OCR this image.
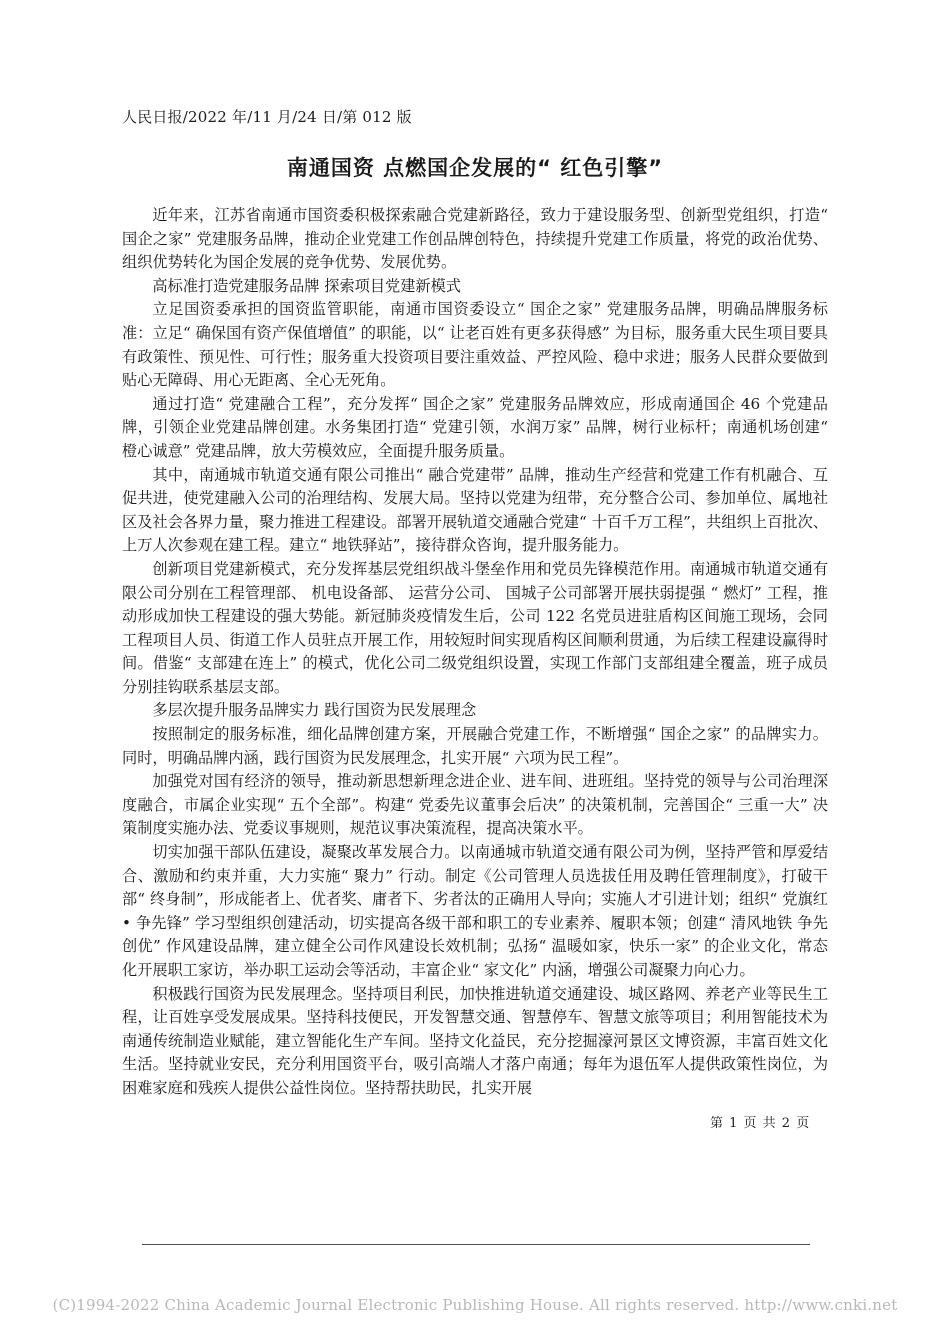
人民日报/2022 年/11 月/24 日/第 012 版
南通国资 点燃国企发展的“ 红色引擎”

近年来，江苏省南通市国资委积极探索融合党建新路径，致力于建设服务型、创新型党组织，打造“ 国企之家” 党建服务品牌，推动企业党建工作创品牌创特色，持续提升党建工作质量，将党的政治优势、组织优势转化为国企发展的竞争优势、发展优势。

高标准打造党建服务品牌 探索项目党建新模式

立足国资委承担的国资监管职能，南通市国资委设立“ 国企之家” 党建服务品牌，明确品牌服务标准：立足“ 确保国有资产保值增值” 的职能，以“ 让老百姓有更多获得感” 为目标，服务重大民生项目要具有政策性、预见性、可行性；服务重大投资项目要注重效益、严控风险、稳中求进；服务人民群众要做到贴心无障碍、用心无距离、全心无死角。

通过打造“ 党建融合工程”，充分发挥“ 国企之家” 党建服务品牌效应，形成南通国企 46 个党建品牌，引领企业党建品牌创建。水务集团打造“ 党建引领，水润万家” 品牌，树行业标杆；南通机场创建“ 橙心诚意” 党建品牌，放大劳模效应，全面提升服务质量。

其中，南通城市轨道交通有限公司推出“ 融合党建带” 品牌，推动生产经营和党建工作有机融合、互促共进，使党建融入公司的治理结构、发展大局。坚持以党建为纽带，充分整合公司、参加单位、属地社区及社会各界力量，聚力推进工程建设。部署开展轨道交通融合党建“ 十百千万工程”，共组织上百批次、上万人次参观在建工程。建立“ 地铁驿站”，接待群众咨询，提升服务能力。

创新项目党建新模式，充分发挥基层党组织战斗堡垒作用和党员先锋模范作用。南通城市轨道交通有限公司分别在工程管理部、 机电设备部、 运营分公司、 国城子公司部署开展扶弱提强 “ 燃灯” 工程，推动形成加快工程建设的强大势能。新冠肺炎疫情发生后，公司 122 名党员进驻盾构区间施工现场，会同工程项目人员、街道工作人员驻点开展工作，用较短时间实现盾构区间顺利贯通，为后续工程建设赢得时间。借鉴“ 支部建在连上” 的模式，优化公司二级党组织设置，实现工作部门支部组建全覆盖，班子成员分别挂钩联系基层支部。

多层次提升服务品牌实力 践行国资为民发展理念

按照制定的服务标准，细化品牌创建方案，开展融合党建工作，不断增强“ 国企之家” 的品牌实力。同时，明确品牌内涵，践行国资为民发展理念，扎实开展“ 六项为民工程”。

加强党对国有经济的领导，推动新思想新理念进企业、进车间、进班组。坚持党的领导与公司治理深度融合，市属企业实现“ 五个全部”。构建“ 党委先议董事会后决” 的决策机制，完善国企“ 三重一大” 决策制度实施办法、党委议事规则，规范议事决策流程，提高决策水平。

切实加强干部队伍建设，凝聚改革发展合力。以南通城市轨道交通有限公司为例，坚持严管和厚爱结合、激励和约束并重，大力实施“ 聚力” 行动。制定《公司管理人员选拔任用及聘任管理制度》，打破干部“ 终身制”，形成能者上、优者奖、庸者下、劣者汰的正确用人导向；实施人才引进计划；组织“ 党旗红 • 争先锋” 学习型组织创建活动，切实提高各级干部和职工的专业素养、履职本领；创建“ 清风地铁 争先创优” 作风建设品牌，建立健全公司作风建设长效机制；弘扬“ 温暖如家，快乐一家” 的企业文化，常态化开展职工家访，举办职工运动会等活动，丰富企业“ 家文化” 内涵，增强公司凝聚力向心力。

积极践行国资为民发展理念。坚持项目利民，加快推进轨道交通建设、城区路网、养老产业等民生工程，让百姓享受发展成果。坚持科技便民，开发智慧交通、智慧停车、智慧文旅等项目；利用智能技术为南通传统制造业赋能，建立智能化生产车间。坚持文化益民，充分挖掘濠河景区文博资源，丰富百姓文化生活。坚持就业安民，充分利用国资平台，吸引高端人才落户南通；每年为退伍军人提供政策性岗位，为困难家庭和残疾人提供公益性岗位。坚持帮扶助民，扎实开展

第 1 页 共 2 页
(C)1994-2022 China Academic Journal Electronic Publishing House. All rights reserved. http://www.cnki.net
